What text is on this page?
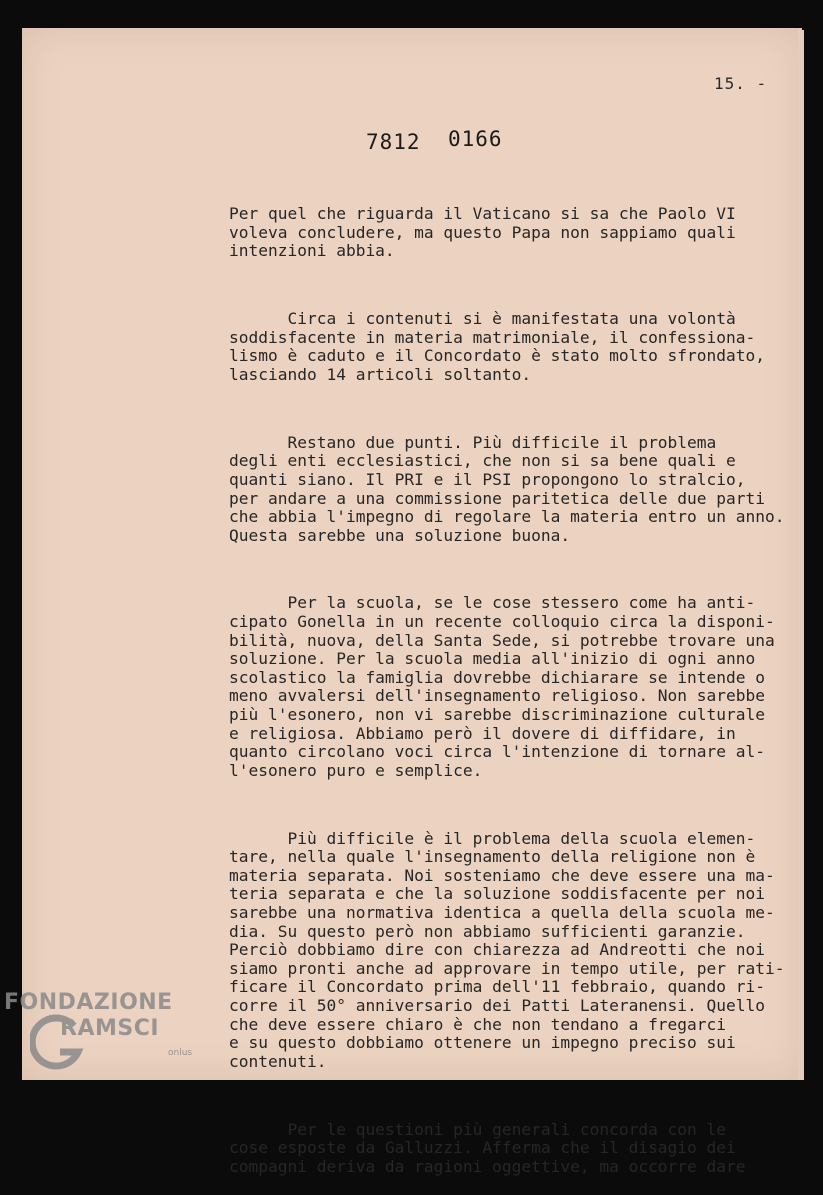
15. -
7812 0166

Per quel che riguarda il Vaticano si sa che Paolo VI
voleva concludere, ma questo Papa non sappiamo quali
intenzioni abbia.

Circa i contenuti si è manifestata una volontà
soddisfacente in materia matrimoniale, il confessiona-
lismo è caduto e il Concordato è stato molto sfrondato,
lasciando 14 articoli soltanto.

Restano due punti. Più difficile il problema
degli enti ecclesiastici, che non si sa bene quali e
quanti siano. Il PRI e il PSI propongono lo stralcio,
per andare a una commissione paritetica delle due parti
che abbia l'impegno di regolare la materia entro un anno.
Questa sarebbe una soluzione buona.

Per la scuola, se le cose stessero come ha anti-
cipato Gonella in un recente colloquio circa la disponi-
bilità, nuova, della Santa Sede, si potrebbe trovare una
soluzione. Per la scuola media all'inizio di ogni anno
scolastico la famiglia dovrebbe dichiarare se intende o
meno avvalersi dell'insegnamento religioso. Non sarebbe
più l'esonero, non vi sarebbe discriminazione culturale
e religiosa. Abbiamo però il dovere di diffidare, in
quanto circolano voci circa l'intenzione di tornare al-
l'esonero puro e semplice.

Più difficile è il problema della scuola elemen-
tare, nella quale l'insegnamento della religione non è
materia separata. Noi sosteniamo che deve essere una ma-
teria separata e che la soluzione soddisfacente per noi
sarebbe una normativa identica a quella della scuola me-
dia. Su questo però non abbiamo sufficienti garanzie.
Perciò dobbiamo dire con chiarezza ad Andreotti che noi
siamo pronti anche ad approvare in tempo utile, per rati-
ficare il Concordato prima dell'11 febbraio, quando ri-
corre il 50° anniversario dei Patti Lateranensi. Quello
che deve essere chiaro è che non tendano a fregarci
e su questo dobbiamo ottenere un impegno preciso sui
contenuti.

Per le questioni più generali concorda con le
cose esposte da Galluzzi. Afferma che il disagio dei
compagni deriva da ragioni oggettive, ma occorre dare

FONDAZIONE
RAMSCI
onlus
